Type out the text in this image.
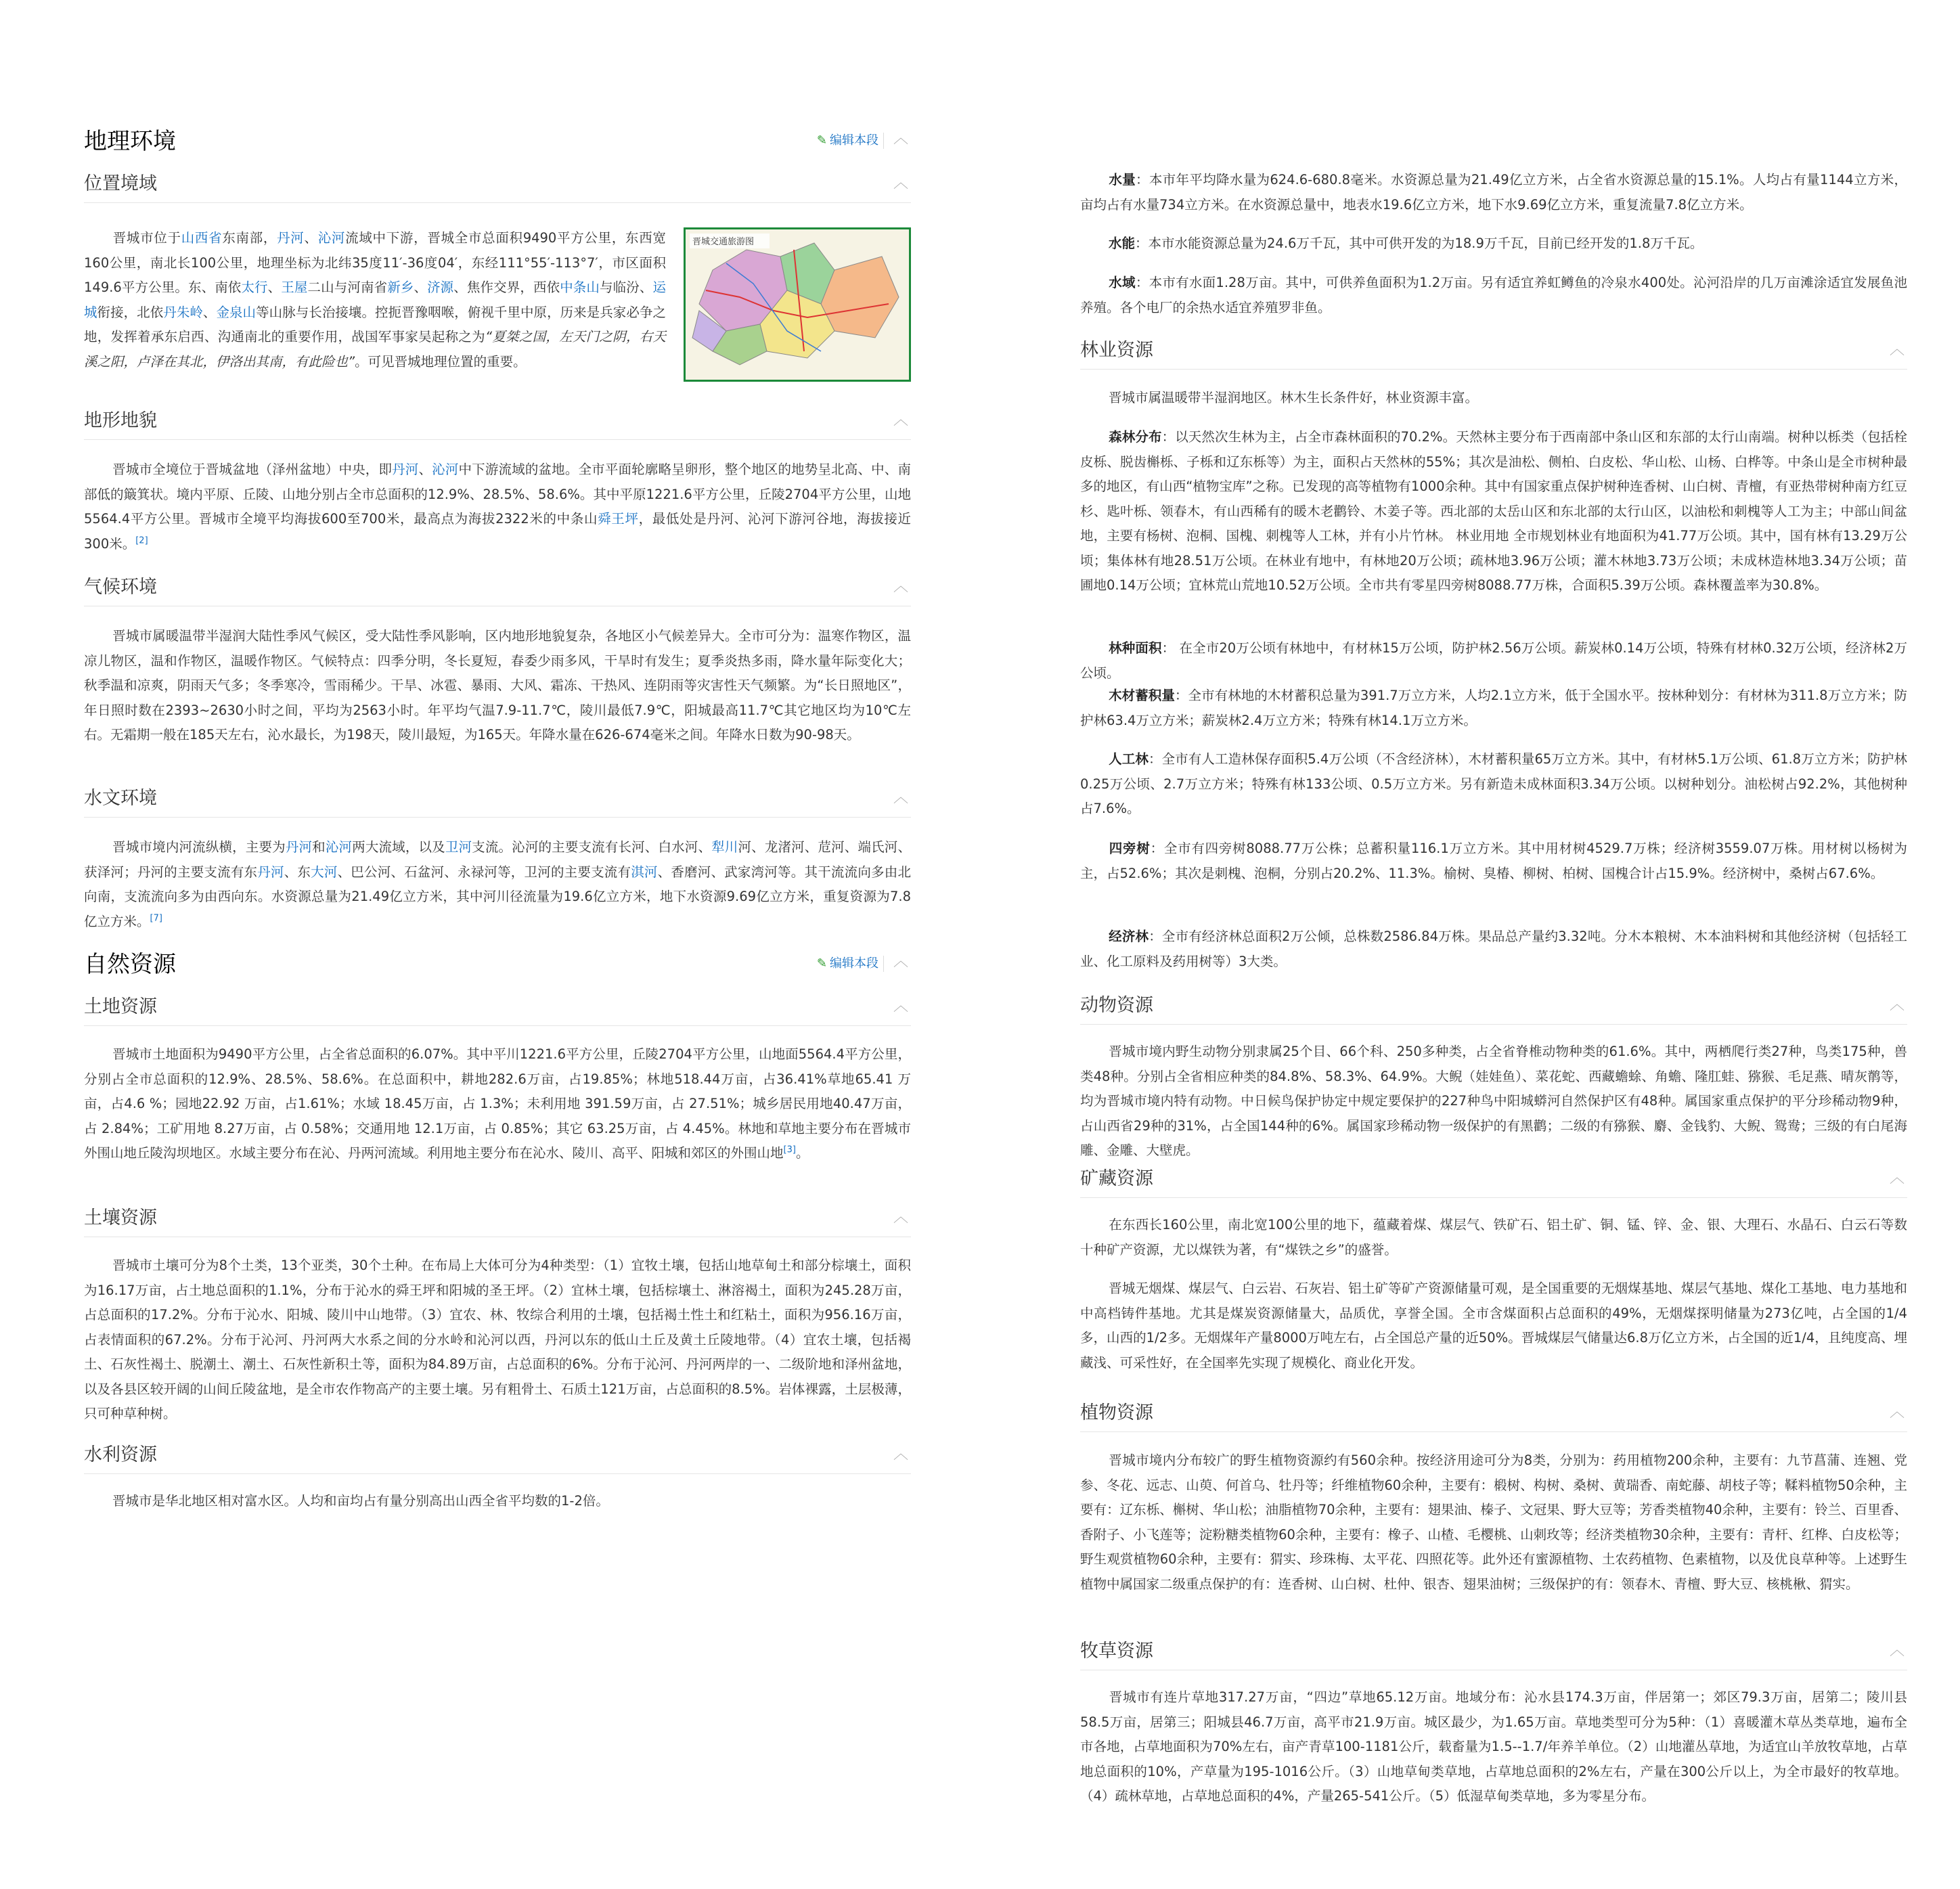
地理环境	✎ 编辑本段 ︿
位置境域	︿
晋城交通旅游图
晋城市位于山西省东南部，丹河、沁河流域中下游，晋城全市总面积9490平方公里，东西宽160公里，南北长100公里，地理坐标为北纬35度11′-36度04′，东经111°55′-113°7′，市区面积149.6平方公里。东、南依太行、王屋二山与河南省新乡、济源、焦作交界，西依中条山与临汾、运城衔接，北依丹朱岭、金泉山等山脉与长治接壤。控扼晋豫咽喉，俯视千里中原，历来是兵家必争之地，发挥着承东启西、沟通南北的重要作用，战国军事家吴起称之为“夏桀之国，左天门之阴，右天溪之阳，卢泽在其北，伊洛出其南，有此险也”。可见晋城地理位置的重要。
地形地貌	︿
晋城市全境位于晋城盆地（泽州盆地）中央，即丹河、沁河中下游流域的盆地。全市平面轮廓略呈卵形，整个地区的地势呈北高、中、南部低的簸箕状。境内平原、丘陵、山地分别占全市总面积的12.9%、28.5%、58.6%。其中平原1221.6平方公里，丘陵2704平方公里，山地5564.4平方公里。晋城市全境平均海拔600至700米，最高点为海拔2322米的中条山舜王坪，最低处是丹河、沁河下游河谷地，海拔接近300米。[2]
气候环境	︿
晋城市属暖温带半湿润大陆性季风气候区，受大陆性季风影响，区内地形地貌复杂，各地区小气候差异大。全市可分为：温寒作物区，温凉儿物区，温和作物区，温暖作物区。气候特点：四季分明，冬长夏短，春委少雨多风，干旱时有发生；夏季炎热多雨，降水量年际变化大；秋季温和凉爽，阴雨天气多；冬季寒冷，雪雨稀少。干旱、冰雹、暴雨、大风、霜冻、干热风、连阴雨等灾害性天气频繁。为“长日照地区”，年日照时数在2393~2630小时之间，平均为2563小时。年平均气温7.9-11.7℃，陵川最低7.9℃，阳城最高11.7℃其它地区均为10℃左右。无霜期一般在185天左右，沁水最长，为198天，陵川最短，为165天。年降水量在626-674毫米之间。年降水日数为90-98天。
水文环境	︿
晋城市境内河流纵横，主要为丹河和沁河两大流域，以及卫河支流。沁河的主要支流有长河、白水河、犁川河、龙渚河、苊河、端氏河、获泽河；丹河的主要支流有东丹河、东大河、巴公河、石盆河、永禄河等，卫河的主要支流有淇河、香磨河、武家湾河等。其干流流向多由北向南，支流流向多为由西向东。水资源总量为21.49亿立方米，其中河川径流量为19.6亿立方米，地下水资源9.69亿立方米，重复资源为7.8亿立方米。[7]
自然资源	✎ 编辑本段 ︿
土地资源	︿
晋城市土地面积为9490平方公里，占全省总面积的6.07%。其中平川1221.6平方公里，丘陵2704平方公里，山地面5564.4平方公里，分别占全市总面积的12.9%、28.5%、58.6%。在总面积中，耕地282.6万亩，占19.85%；林地518.44万亩，占36.41%草地65.41 万亩，占4.6 %；园地22.92 万亩，占1.61%；水域 18.45万亩，占 1.3%；未利用地 391.59万亩，占 27.51%；城乡居民用地40.47万亩，占 2.84%；工矿用地 8.27万亩，占 0.58%；交通用地 12.1万亩，占 0.85%；其它 63.25万亩，占 4.45%。林地和草地主要分布在晋城市外围山地丘陵沟坝地区。水域主要分布在沁、丹两河流域。利用地主要分布在沁水、陵川、高平、阳城和郊区的外围山地[3]。
土壤资源	︿
晋城市土壤可分为8个土类，13个亚类，30个土种。在布局上大体可分为4种类型：（1）宜牧土壤，包括山地草甸土和部分棕壤土，面积为16.17万亩，占土地总面积的1.1%，分布于沁水的舜王坪和阳城的圣王坪。（2）宜林土壤，包括棕壤土、淋溶褐土，面积为245.28万亩，占总面积的17.2%。分布于沁水、阳城、陵川中山地带。（3）宜农、林、牧综合利用的土壤，包括褐土性土和红粘土，面积为956.16万亩，占表情面积的67.2%。分布于沁河、丹河两大水系之间的分水岭和沁河以西，丹河以东的低山土丘及黄土丘陵地带。（4）宜农土壤，包括褐土、石灰性褐土、脱潮土、潮土、石灰性新积土等，面积为84.89万亩，占总面积的6%。分布于沁河、丹河两岸的一、二级阶地和泽州盆地，以及各县区较开阔的山间丘陵盆地，是全市农作物高产的主要土壤。另有粗骨土、石质土121万亩，占总面积的8.5%。岩体裸露，土层极薄，只可种草种树。
水利资源	︿
晋城市是华北地区相对富水区。人均和亩均占有量分别高出山西全省平均数的1-2倍。
水量：本市年平均降水量为624.6-680.8毫米。水资源总量为21.49亿立方米，占全省水资源总量的15.1%。人均占有量1144立方米，亩均占有水量734立方米。在水资源总量中，地表水19.6亿立方米，地下水9.69亿立方米，重复流量7.8亿立方米。
水能：本市水能资源总量为24.6万千瓦，其中可供开发的为18.9万千瓦，目前已经开发的1.8万千瓦。
水域：本市有水面1.28万亩。其中，可供养鱼面积为1.2万亩。另有适宜养虹鳟鱼的冷泉水400处。沁河沿岸的几万亩滩涂适宜发展鱼池养殖。各个电厂的余热水适宜养殖罗非鱼。
林业资源	︿
晋城市属温暖带半湿润地区。林木生长条件好，林业资源丰富。
森林分布：以天然次生林为主，占全市森林面积的70.2%。天然林主要分布于西南部中条山区和东部的太行山南端。树种以栎类（包括栓皮栎、脱齿槲栎、子栎和辽东栎等）为主，面积占天然林的55%；其次是油松、侧柏、白皮松、华山松、山杨、白桦等。中条山是全市树种最多的地区，有山西“植物宝库”之称。已发现的高等植物有1000余种。其中有国家重点保护树种连香树、山白树、青檀，有亚热带树种南方红豆杉、匙叶栎、领春木，有山西稀有的暖木老鹳铃、木姜子等。西北部的太岳山区和东北部的太行山区，以油松和刺槐等人工为主；中部山间盆地，主要有杨树、泡桐、国槐、刺槐等人工林，并有小片竹林。 林业用地 全市规划林业有地面积为41.77万公顷。其中，国有林有13.29万公顷；集体林有地28.51万公顷。在林业有地中，有林地20万公顷；疏林地3.96万公顷；灌木林地3.73万公顷；未成林造林地3.34万公顷；苗圃地0.14万公顷；宜林荒山荒地10.52万公顷。全市共有零星四旁树8088.77万株，合面积5.39万公顷。森林覆盖率为30.8%。
林种面积： 在全市20万公顷有林地中，有材林15万公顷，防护林2.56万公顷。薪炭林0.14万公顷，特殊有材林0.32万公顷，经济林2万公顷。
木材蓄积量：全市有林地的木材蓄积总量为391.7万立方米，人均2.1立方米，低于全国水平。按林种划分：有材林为311.8万立方米；防护林63.4万立方米；薪炭林2.4万立方米；特殊有林14.1万立方米。
人工林：全市有人工造林保存面积5.4万公顷（不含经济林），木材蓄积量65万立方米。其中，有材林5.1万公顷、61.8万立方米；防护林0.25万公顷、2.7万立方米；特殊有林133公顷、0.5万立方米。另有新造未成林面积3.34万公顷。以树种划分。油松树占92.2%，其他树种占7.6%。
四旁树：全市有四旁树8088.77万公株；总蓄积量116.1万立方米。其中用材树4529.7万株；经济树3559.07万株。用材树以杨树为主，占52.6%；其次是刺槐、泡桐，分别占20.2%、11.3%。榆树、臭椿、柳树、柏树、国槐合计占15.9%。经济树中，桑树占67.6%。
经济林：全市有经济林总面积2万公倾，总株数2586.84万株。果品总产量约3.32吨。分木本粮树、木本油料树和其他经济树（包括轻工业、化工原料及药用树等）3大类。
动物资源	︿
晋城市境内野生动物分别隶属25个目、66个科、250多种类，占全省脊椎动物种类的61.6%。其中，两栖爬行类27种，鸟类175种，兽类48种。分别占全省相应种类的84.8%、58.3%、64.9%。大鲵（娃娃鱼）、菜花蛇、西藏蟾蜍、角蟾、隆肛蛙、猕猴、毛足燕、晴灰鹡等，均为晋城市境内特有动物。中日候鸟保护协定中规定要保护的227种鸟中阳城蟒河自然保护区有48种。属国家重点保护的平分珍稀动物9种，占山西省29种的31%，占全国144种的6%。属国家珍稀动物一级保护的有黑鹳；二级的有猕猴、麝、金钱豹、大鲵、鸳鸯；三级的有白尾海雕、金雕、大壁虎。
矿藏资源	︿
在东西长160公里，南北宽100公里的地下，蕴藏着煤、煤层气、铁矿石、铝土矿、铜、锰、锌、金、银、大理石、水晶石、白云石等数十种矿产资源，尤以煤铁为著，有“煤铁之乡”的盛誉。
晋城无烟煤、煤层气、白云岩、石灰岩、铝土矿等矿产资源储量可观，是全国重要的无烟煤基地、煤层气基地、煤化工基地、电力基地和中高档铸件基地。尤其是煤炭资源储量大，品质优，享誉全国。全市含煤面积占总面积的49%，无烟煤探明储量为273亿吨，占全国的1/4多，山西的1/2多。无烟煤年产量8000万吨左右，占全国总产量的近50%。晋城煤层气储量达6.8万亿立方米，占全国的近1/4，且纯度高、埋藏浅、可采性好，在全国率先实现了规模化、商业化开发。
植物资源	︿
晋城市境内分布较广的野生植物资源约有560余种。按经济用途可分为8类，分别为：药用植物200余种，主要有：九节菖蒲、连翘、党参、冬花、远志、山萸、何首乌、牡丹等；纤维植物60余种，主要有：椴树、构树、桑树、黄瑞香、南蛇藤、胡枝子等；鞣料植物50余种，主要有：辽东栎、槲树、华山松；油脂植物70余种，主要有：翅果油、榛子、文冠果、野大豆等；芳香类植物40余种，主要有：铃兰、百里香、香附子、小飞莲等；淀粉糖类植物60余种，主要有：橡子、山楂、毛樱桃、山刺玫等；经济类植物30余种，主要有：青杆、红桦、白皮松等；野生观赏植物60余种，主要有：猬实、珍珠梅、太平花、四照花等。此外还有蜜源植物、土农药植物、色素植物，以及优良草种等。上述野生植物中属国家二级重点保护的有：连香树、山白树、杜仲、银杏、翅果油树；三级保护的有：领春木、青檀、野大豆、核桃楸、猬实。
牧草资源	︿
晋城市有连片草地317.27万亩，“四边”草地65.12万亩。地域分布：沁水县174.3万亩，伴居第一；郊区79.3万亩，居第二；陵川县58.5万亩，居第三；阳城县46.7万亩，高平市21.9万亩。城区最少，为1.65万亩。草地类型可分为5种：（1）喜暖灌木草丛类草地，遍布全市各地，占草地面积为70%左右，亩产青草100-1181公斤，载畜量为1.5--1.7/年养羊单位。（2）山地灌丛草地，为适宜山羊放牧草地，占草地总面积的10%，产草量为195-1016公斤。（3）山地草甸类草地，占草地总面积的2%左右，产量在300公斤以上，为全市最好的牧草地。（4）疏林草地，占草地总面积的4%，产量265-541公斤。（5）低湿草甸类草地，多为零星分布。
